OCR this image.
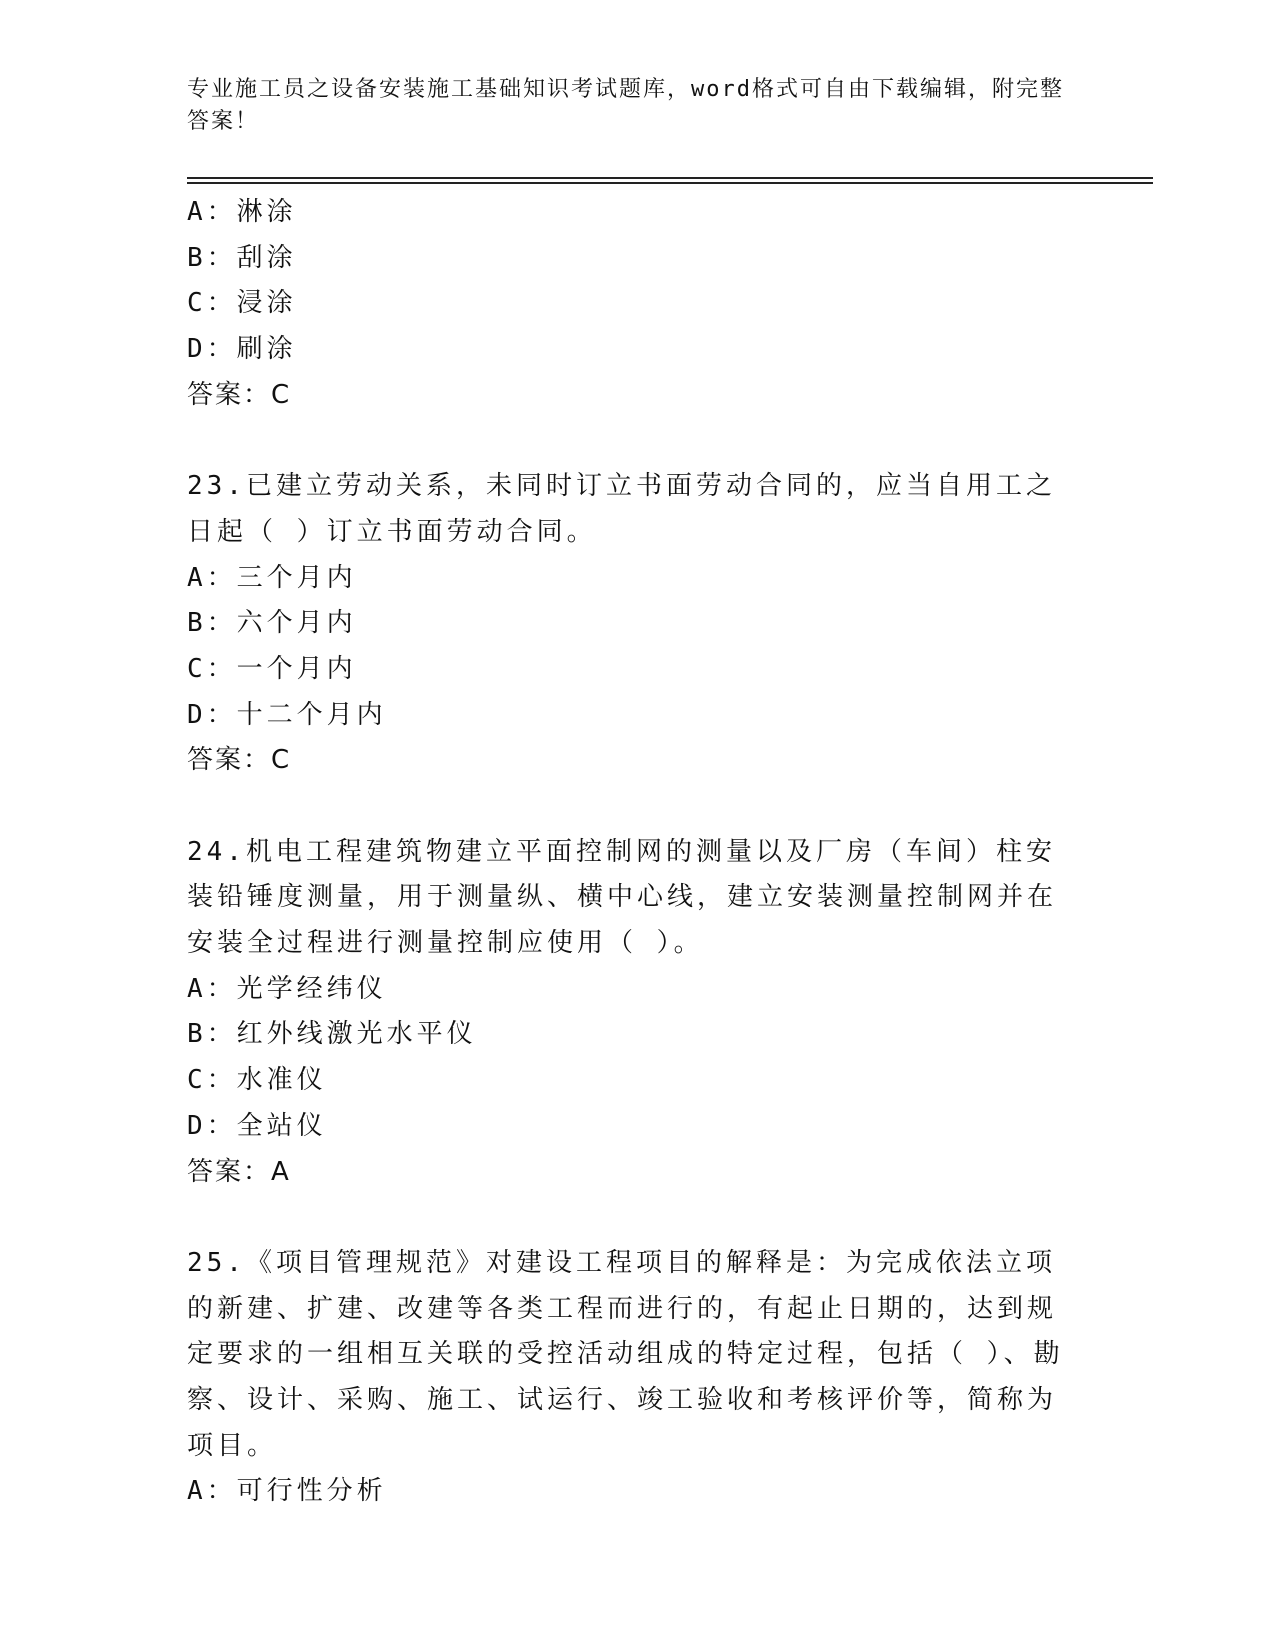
专业施工员之设备安装施工基础知识考试题库，word格式可自由下载编辑，附完整答案！
A：淋涂
B：刮涂
C：浸涂
D：刷涂
答案：C
23.已建立劳动关系，未同时订立书面劳动合同的，应当自用工之日起（ ）订立书面劳动合同。
A：三个月内
B：六个月内
C：一个月内
D：十二个月内
答案：C
24.机电工程建筑物建立平面控制网的测量以及厂房（车间）柱安装铅锤度测量，用于测量纵、横中心线，建立安装测量控制网并在安装全过程进行测量控制应使用（ ）。
A：光学经纬仪
B：红外线激光水平仪
C：水准仪
D：全站仪
答案：A
25.《项目管理规范》对建设工程项目的解释是：为完成依法立项的新建、扩建、改建等各类工程而进行的，有起止日期的，达到规定要求的一组相互关联的受控活动组成的特定过程，包括（ ）、勘察、设计、采购、施工、试运行、竣工验收和考核评价等，简称为项目。
A：可行性分析
